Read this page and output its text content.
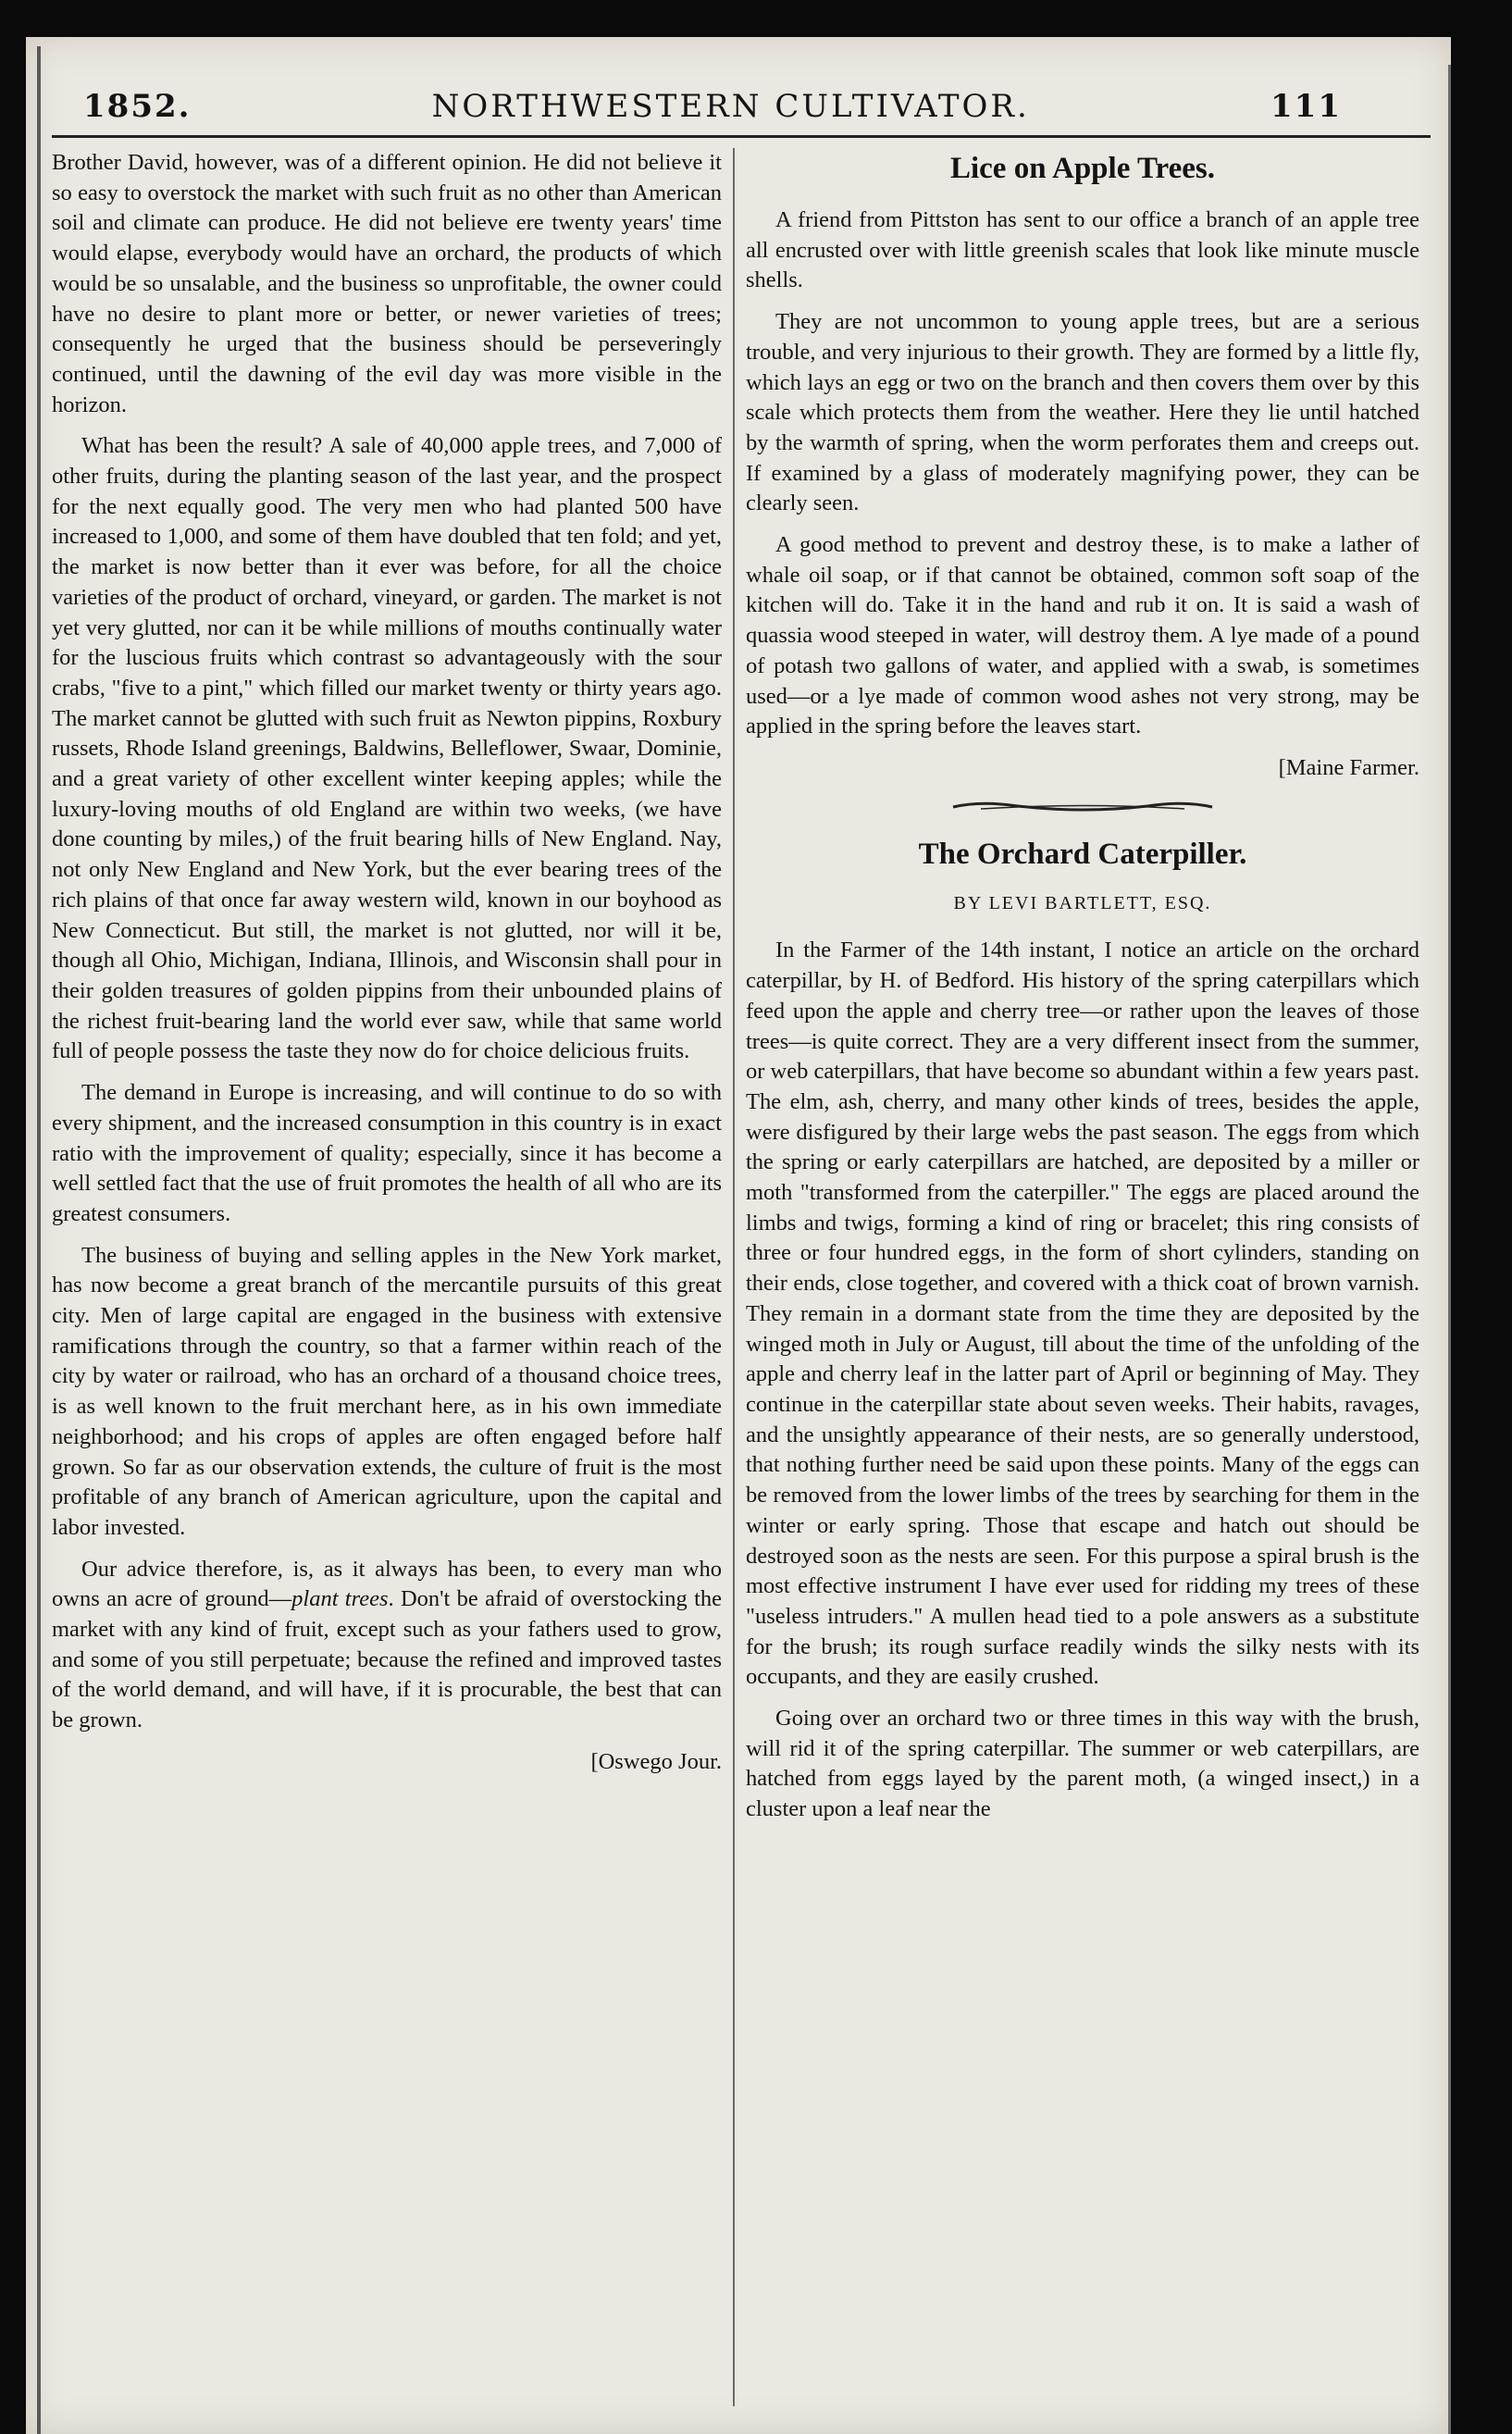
1852.	NORTHWESTERN CULTIVATOR.	111

Brother David, however, was of a different opinion. He did not believe it so easy to overstock the market with such fruit as no other than American soil and climate can produce. He did not believe ere twenty years' time would elapse, everybody would have an orchard, the products of which would be so unsalable, and the business so unprofitable, the owner could have no desire to plant more or better, or newer varieties of trees; consequently he urged that the business should be perseveringly continued, until the dawning of the evil day was more visible in the horizon.

What has been the result? A sale of 40,000 apple trees, and 7,000 of other fruits, during the planting season of the last year, and the prospect for the next equally good. The very men who had planted 500 have increased to 1,000, and some of them have doubled that ten fold; and yet, the market is now better than it ever was before, for all the choice varieties of the product of orchard, vineyard, or garden. The market is not yet very glutted, nor can it be while millions of mouths continually water for the luscious fruits which contrast so advantageously with the sour crabs, "five to a pint," which filled our market twenty or thirty years ago. The market cannot be glutted with such fruit as Newton pippins, Roxbury russets, Rhode Island greenings, Baldwins, Belleflower, Swaar, Dominie, and a great variety of other excellent winter keeping apples; while the luxury-loving mouths of old England are within two weeks, (we have done counting by miles,) of the fruit bearing hills of New England. Nay, not only New England and New York, but the ever bearing trees of the rich plains of that once far away western wild, known in our boyhood as New Connecticut. But still, the market is not glutted, nor will it be, though all Ohio, Michigan, Indiana, Illinois, and Wisconsin shall pour in their golden treasures of golden pippins from their unbounded plains of the richest fruit-bearing land the world ever saw, while that same world full of people possess the taste they now do for choice delicious fruits.

The demand in Europe is increasing, and will continue to do so with every shipment, and the increased consumption in this country is in exact ratio with the improvement of quality; especially, since it has become a well settled fact that the use of fruit promotes the health of all who are its greatest consumers.

The business of buying and selling apples in the New York market, has now become a great branch of the mercantile pursuits of this great city. Men of large capital are engaged in the business with extensive ramifications through the country, so that a farmer within reach of the city by water or railroad, who has an orchard of a thousand choice trees, is as well known to the fruit merchant here, as in his own immediate neighborhood; and his crops of apples are often engaged before half grown. So far as our observation extends, the culture of fruit is the most profitable of any branch of American agriculture, upon the capital and labor invested.

Our advice therefore, is, as it always has been, to every man who owns an acre of ground—plant trees. Don't be afraid of overstocking the market with any kind of fruit, except such as your fathers used to grow, and some of you still perpetuate; because the refined and improved tastes of the world demand, and will have, if it is procurable, the best that can be grown.

[Oswego Jour.

Lice on Apple Trees.

A friend from Pittston has sent to our office a branch of an apple tree all encrusted over with little greenish scales that look like minute muscle shells.

They are not uncommon to young apple trees, but are a serious trouble, and very injurious to their growth. They are formed by a little fly, which lays an egg or two on the branch and then covers them over by this scale which protects them from the weather. Here they lie until hatched by the warmth of spring, when the worm perforates them and creeps out. If examined by a glass of moderately magnifying power, they can be clearly seen.

A good method to prevent and destroy these, is to make a lather of whale oil soap, or if that cannot be obtained, common soft soap of the kitchen will do. Take it in the hand and rub it on. It is said a wash of quassia wood steeped in water, will destroy them. A lye made of a pound of potash two gallons of water, and applied with a swab, is sometimes used—or a lye made of common wood ashes not very strong, may be applied in the spring before the leaves start.

[Maine Farmer.

The Orchard Caterpiller.
BY LEVI BARTLETT, ESQ.

In the Farmer of the 14th instant, I notice an article on the orchard caterpillar, by H. of Bedford. His history of the spring caterpillars which feed upon the apple and cherry tree—or rather upon the leaves of those trees—is quite correct. They are a very different insect from the summer, or web caterpillars, that have become so abundant within a few years past. The elm, ash, cherry, and many other kinds of trees, besides the apple, were disfigured by their large webs the past season. The eggs from which the spring or early caterpillars are hatched, are deposited by a miller or moth "transformed from the caterpiller." The eggs are placed around the limbs and twigs, forming a kind of ring or bracelet; this ring consists of three or four hundred eggs, in the form of short cylinders, standing on their ends, close together, and covered with a thick coat of brown varnish. They remain in a dormant state from the time they are deposited by the winged moth in July or August, till about the time of the unfolding of the apple and cherry leaf in the latter part of April or beginning of May. They continue in the caterpillar state about seven weeks. Their habits, ravages, and the unsightly appearance of their nests, are so generally understood, that nothing further need be said upon these points. Many of the eggs can be removed from the lower limbs of the trees by searching for them in the winter or early spring. Those that escape and hatch out should be destroyed soon as the nests are seen. For this purpose a spiral brush is the most effective instrument I have ever used for ridding my trees of these "useless intruders." A mullen head tied to a pole answers as a substitute for the brush; its rough surface readily winds the silky nests with its occupants, and they are easily crushed.

Going over an orchard two or three times in this way with the brush, will rid it of the spring caterpillar. The summer or web caterpillars, are hatched from eggs layed by the parent moth, (a winged insect,) in a cluster upon a leaf near the
